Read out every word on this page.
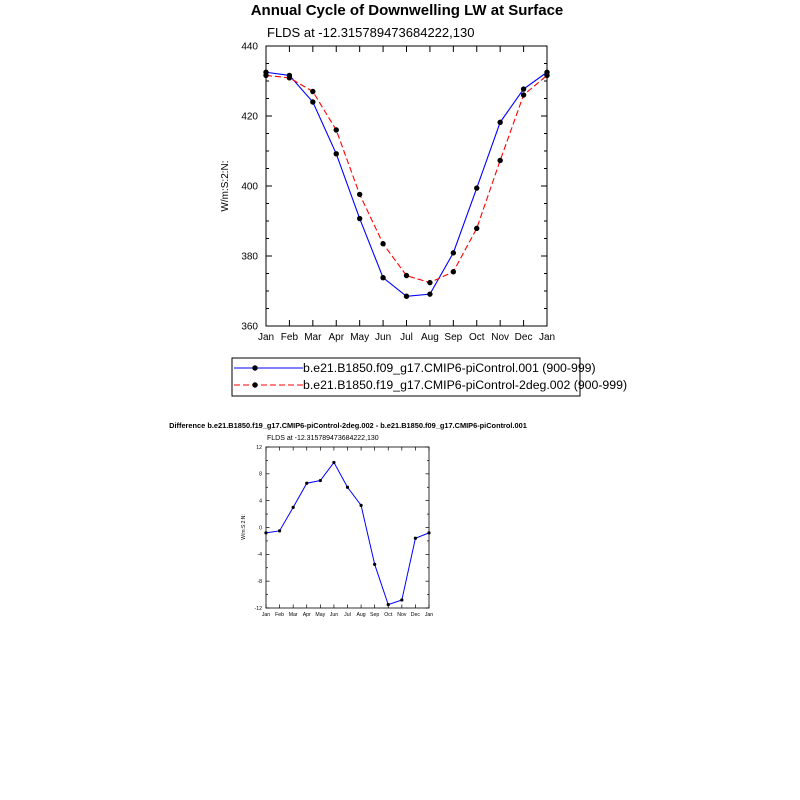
Annual Cycle of Downwelling LW at Surface
FLDS at -12.315789473684222,130
W/m:S:2:N:
Jan Feb Mar Apr May Jun Jul Aug Sep Oct Nov Dec Jan
360
380
400
420
440
b.e21.B1850.f09_g17.CMIP6-piControl.001 (900-999)
b.e21.B1850.f19_g17.CMIP6-piControl-2deg.002 (900-999)
Difference b.e21.B1850.f19_g17.CMIP6-piControl-2deg.002 - b.e21.B1850.f09_g17.CMIP6-piControl.001
FLDS at -12.315789473684222,130
W/m:S:2:N:
Jan Feb Mar Apr May Jun Jul Aug Sep Oct Nov Dec Jan
-12
-8
-4
0
4
8
12
